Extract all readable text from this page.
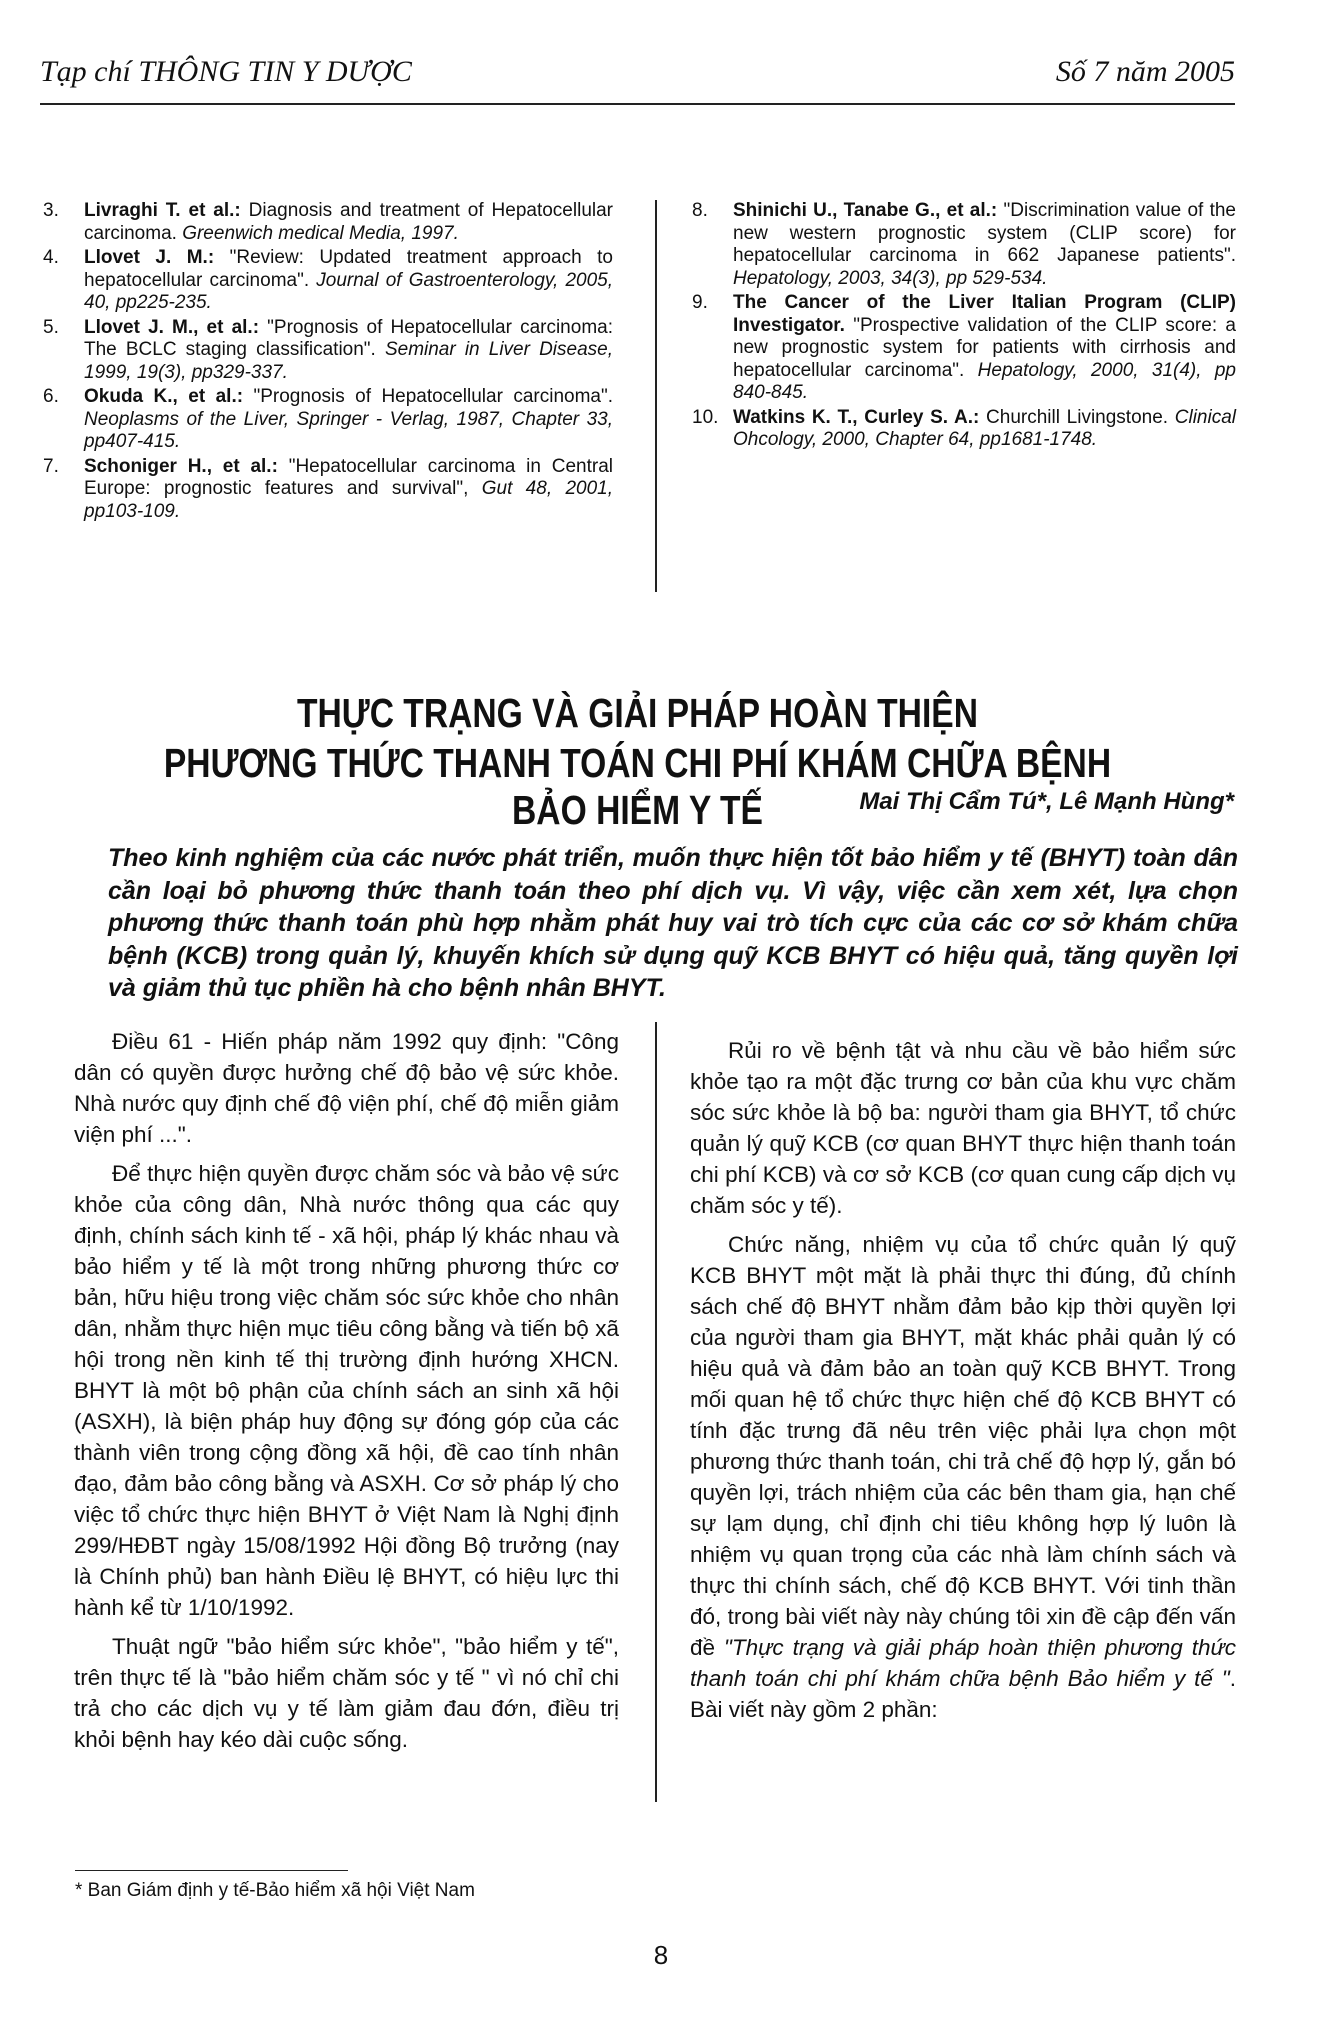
Tạp chí THÔNG TIN Y DƯỢC	Số 7 năm 2005
3.	Livraghi T. et al.: Diagnosis and treatment of Hepatocellular carcinoma. Greenwich medical Media, 1997.
4.	Llovet J. M.: "Review: Updated treatment approach to hepatocellular carcinoma". Journal of Gastroenterology, 2005, 40, pp225-235.
5.	Llovet J. M., et al.: "Prognosis of Hepatocellular carcinoma: The BCLC staging classification". Seminar in Liver Disease, 1999, 19(3), pp329-337.
6.	Okuda K., et al.: "Prognosis of Hepatocellular carcinoma". Neoplasms of the Liver, Springer - Verlag, 1987, Chapter 33, pp407-415.
7.	Schoniger H., et al.: "Hepatocellular carcinoma in Central Europe: prognostic features and survival", Gut 48, 2001, pp103-109.
8.	Shinichi U., Tanabe G., et al.: "Discrimination value of the new western prognostic system (CLIP score) for hepatocellular carcinoma in 662 Japanese patients". Hepatology, 2003, 34(3), pp 529-534.
9.	The Cancer of the Liver Italian Program (CLIP) Investigator. "Prospective validation of the CLIP score: a new prognostic system for patients with cirrhosis and hepatocellular carcinoma". Hepatology, 2000, 31(4), pp 840-845.
10. Watkins K. T., Curley S. A.: Churchill Livingstone. Clinical Ohcology, 2000, Chapter 64, pp1681-1748.
THỰC TRẠNG VÀ GIẢI PHÁP HOÀN THIỆN
PHƯƠNG THỨC THANH TOÁN CHI PHÍ KHÁM CHỮA BỆNH BẢO HIỂM Y TẾ	Mai Thị Cẩm Tú*, Lê Mạnh Hùng*
Theo kinh nghiệm của các nước phát triển, muốn thực hiện tốt bảo hiểm y tế (BHYT) toàn dân cần loại bỏ phương thức thanh toán theo phí dịch vụ. Vì vậy, việc cần xem xét, lựa chọn phương thức thanh toán phù hợp nhằm phát huy vai trò tích cực của các cơ sở khám chữa bệnh (KCB) trong quản lý, khuyến khích sử dụng quỹ KCB BHYT có hiệu quả, tăng quyền lợi và giảm thủ tục phiền hà cho bệnh nhân BHYT.

Điều 61 - Hiến pháp năm 1992 quy định: "Công dân có quyền được hưởng chế độ bảo vệ sức khỏe. Nhà nước quy định chế độ viện phí, chế độ miễn giảm viện phí ...".

Để thực hiện quyền được chăm sóc và bảo vệ sức khỏe của công dân, Nhà nước thông qua các quy định, chính sách kinh tế - xã hội, pháp lý khác nhau và bảo hiểm y tế là một trong những phương thức cơ bản, hữu hiệu trong việc chăm sóc sức khỏe cho nhân dân, nhằm thực hiện mục tiêu công bằng và tiến bộ xã hội trong nền kinh tế thị trường định hướng XHCN. BHYT là một bộ phận của chính sách an sinh xã hội (ASXH), là biện pháp huy động sự đóng góp của các thành viên trong cộng đồng xã hội, đề cao tính nhân đạo, đảm bảo công bằng và ASXH. Cơ sở pháp lý cho việc tổ chức thực hiện BHYT ở Việt Nam là Nghị định 299/HĐBT ngày 15/08/1992 Hội đồng Bộ trưởng (nay là Chính phủ) ban hành Điều lệ BHYT, có hiệu lực thi hành kể từ 1/10/1992.

Thuật ngữ "bảo hiểm sức khỏe", "bảo hiểm y tế", trên thực tế là "bảo hiểm chăm sóc y tế " vì nó chỉ chi trả cho các dịch vụ y tế làm giảm đau đớn, điều trị khỏi bệnh hay kéo dài cuộc sống.

Rủi ro về bệnh tật và nhu cầu về bảo hiểm sức khỏe tạo ra một đặc trưng cơ bản của khu vực chăm sóc sức khỏe là bộ ba: người tham gia BHYT, tổ chức quản lý quỹ KCB (cơ quan BHYT thực hiện thanh toán chi phí KCB) và cơ sở KCB (cơ quan cung cấp dịch vụ chăm sóc y tế).

Chức năng, nhiệm vụ của tổ chức quản lý quỹ KCB BHYT một mặt là phải thực thi đúng, đủ chính sách chế độ BHYT nhằm đảm bảo kịp thời quyền lợi của người tham gia BHYT, mặt khác phải quản lý có hiệu quả và đảm bảo an toàn quỹ KCB BHYT. Trong mối quan hệ tổ chức thực hiện chế độ KCB BHYT có tính đặc trưng đã nêu trên việc phải lựa chọn một phương thức thanh toán, chi trả chế độ hợp lý, gắn bó quyền lợi, trách nhiệm của các bên tham gia, hạn chế sự lạm dụng, chỉ định chi tiêu không hợp lý luôn là nhiệm vụ quan trọng của các nhà làm chính sách và thực thi chính sách, chế độ KCB BHYT. Với tinh thần đó, trong bài viết này này chúng tôi xin đề cập đến vấn đề "Thực trạng và giải pháp hoàn thiện phương thức thanh toán chi phí khám chữa bệnh Bảo hiểm y tế ". Bài viết này gồm 2 phần:

* Ban Giám định y tế-Bảo hiểm xã hội Việt Nam
8
